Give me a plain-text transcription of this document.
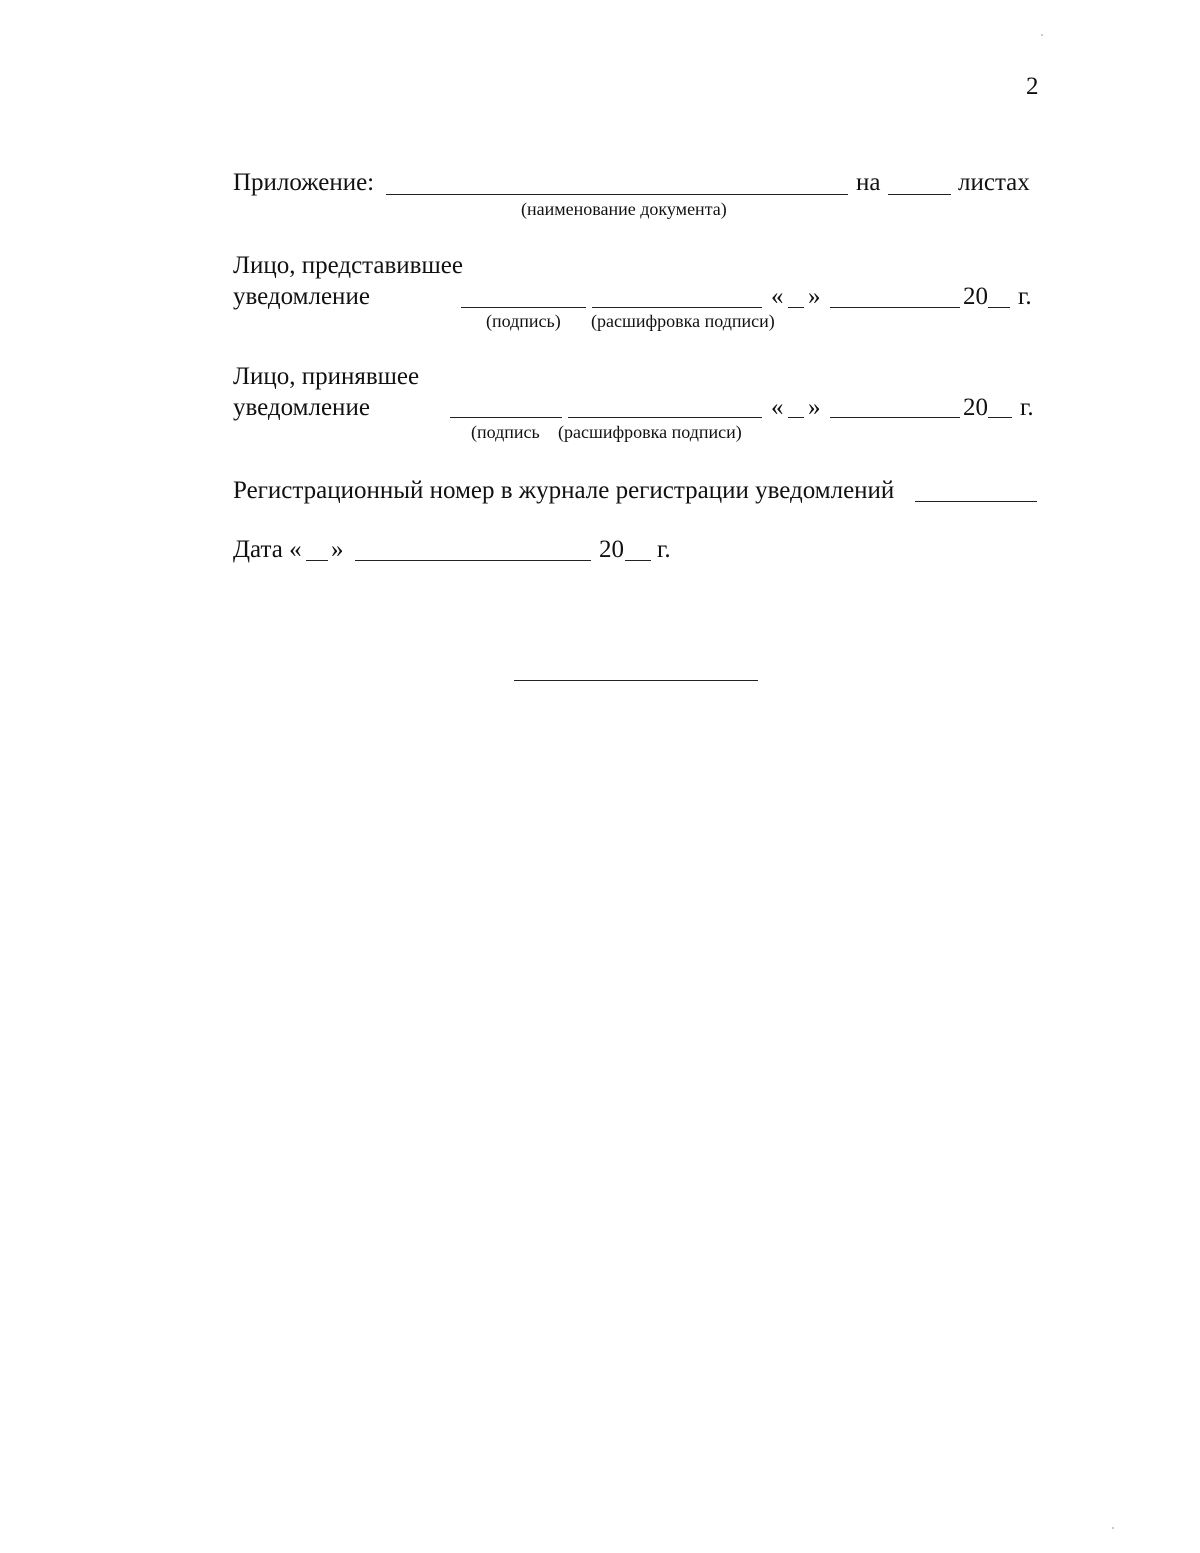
2
Приложение:	на	листах
(наименование документа)
Лицо, представившее
уведомление	« »	20 г.
(подпись) (расшифровка подписи)
Лицо, принявшее
уведомление	« »	20 г.
(подпись (расшифровка подписи)
Регистрационный номер в журнале регистрации уведомлений
Дата « »	20 г.
